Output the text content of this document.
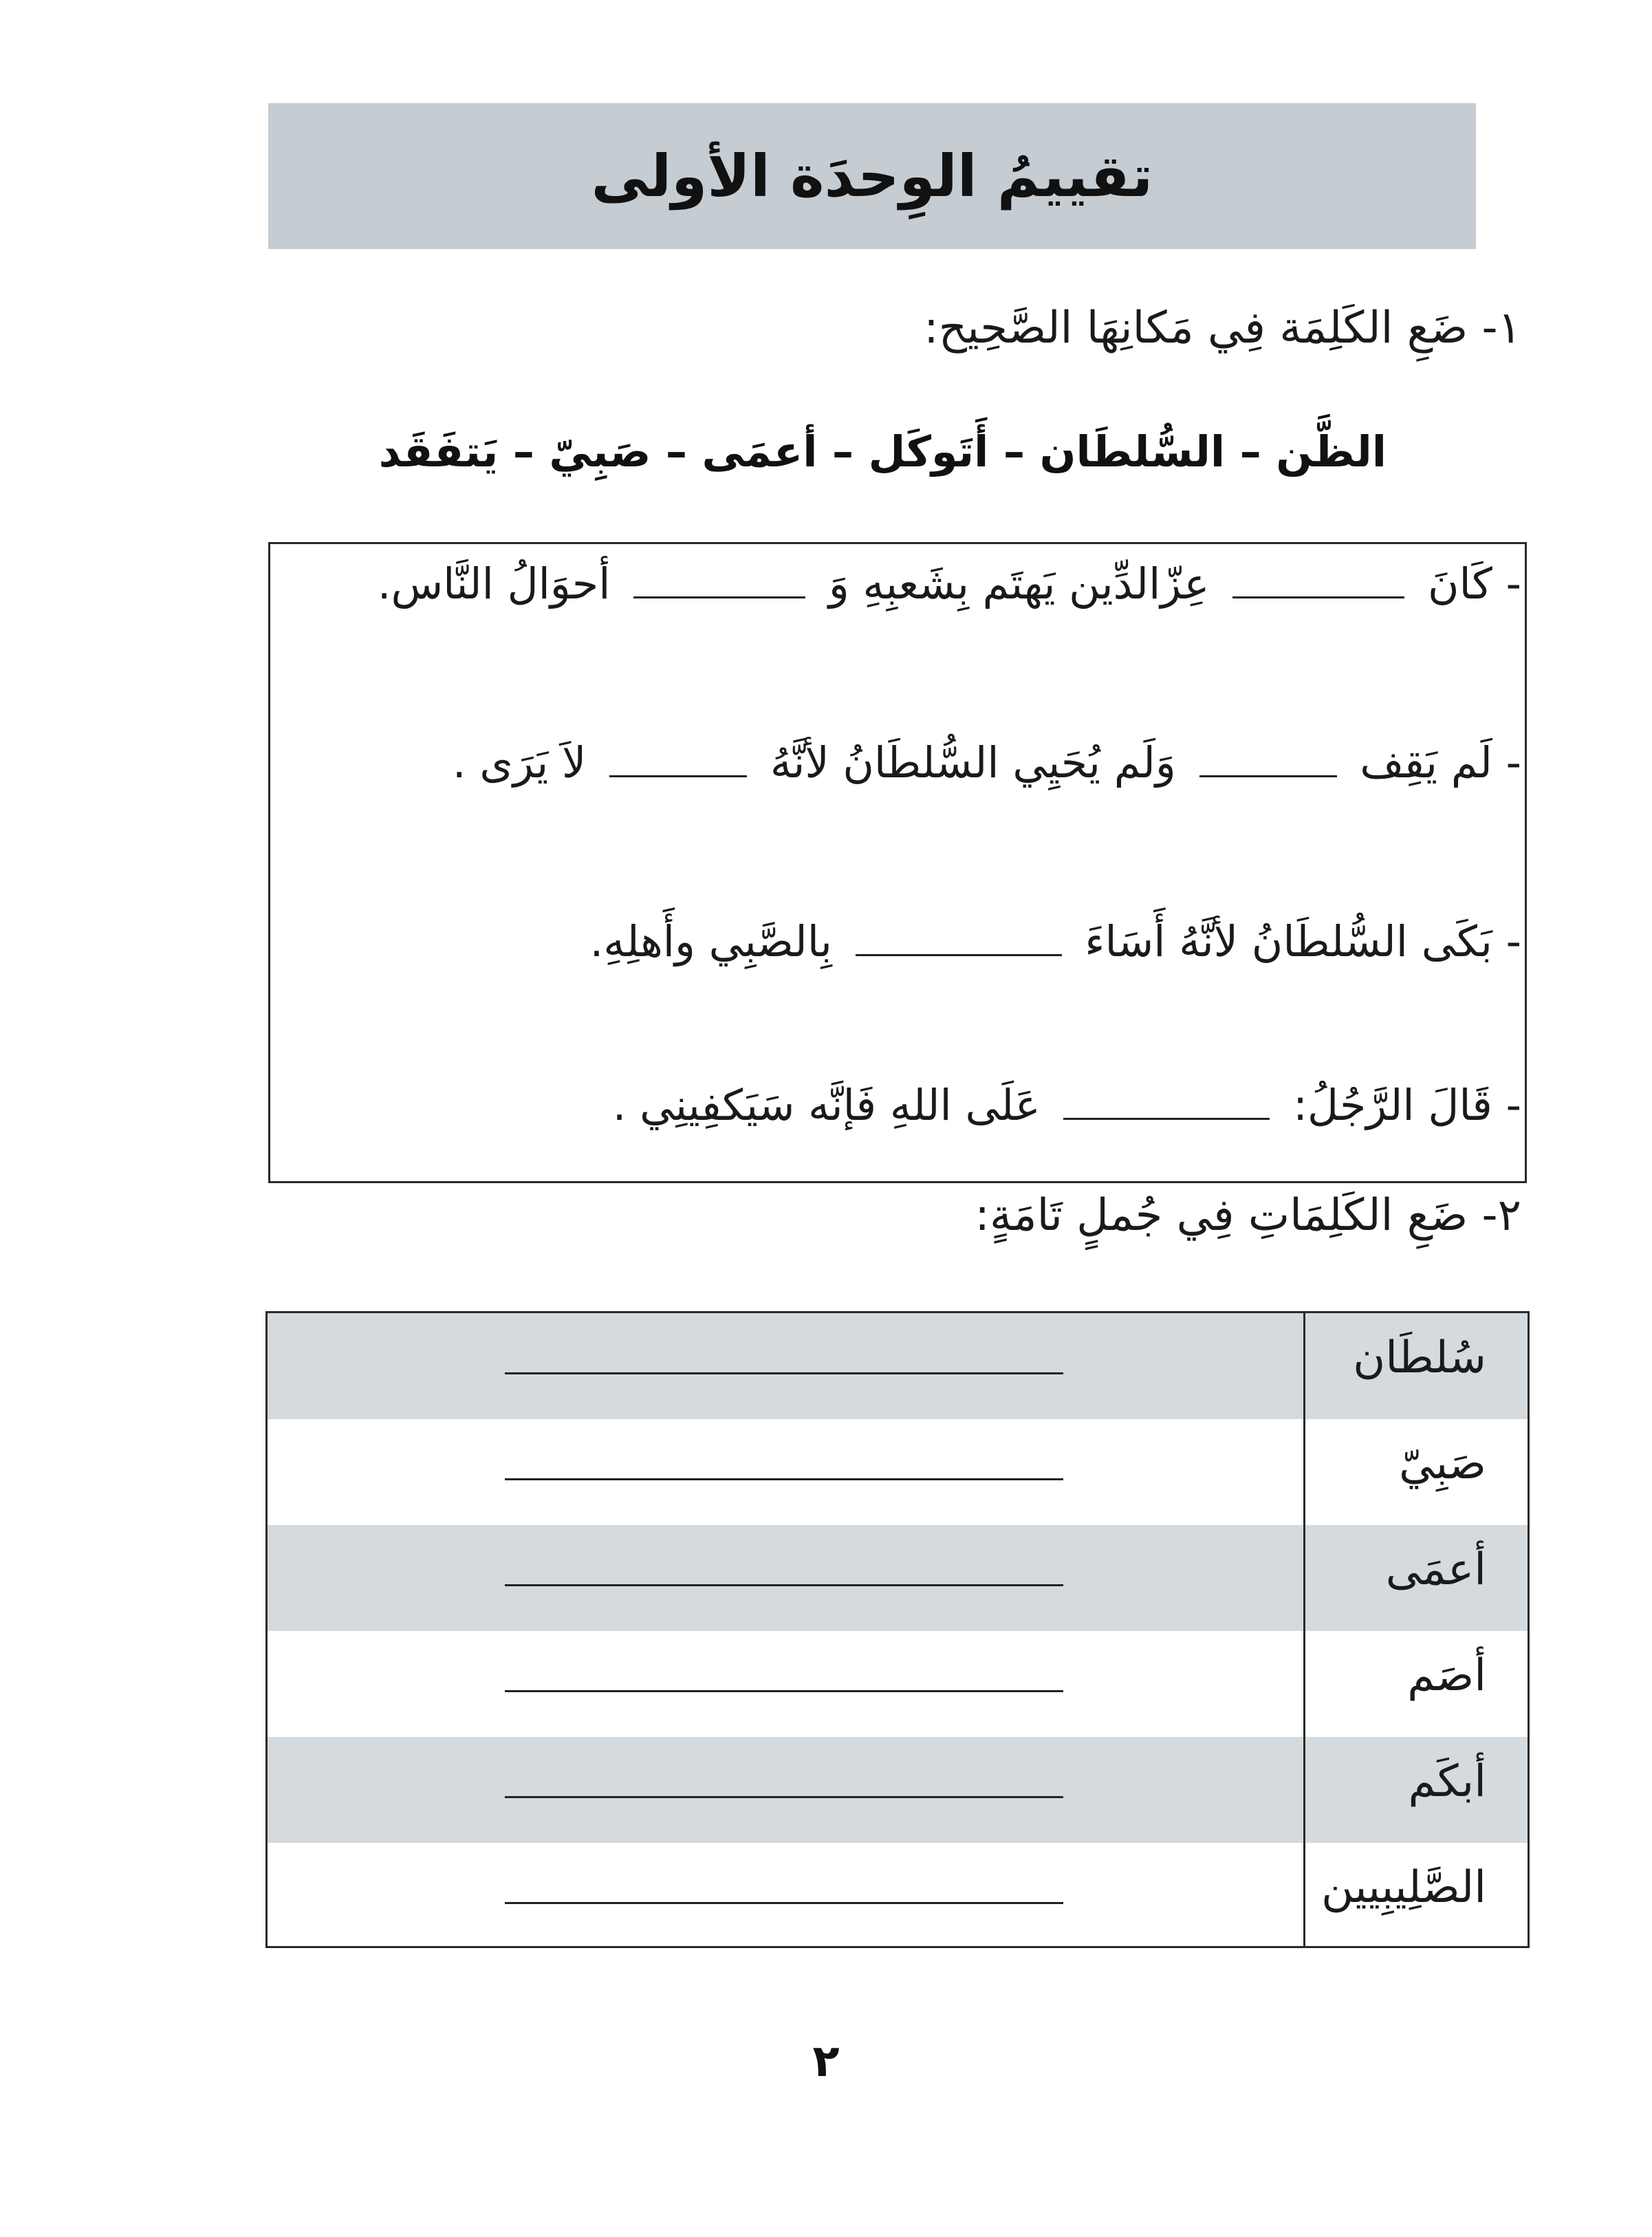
تقييمُ الوِحدَة الأولى
١- ضَعِ الكَلِمَة فِي مَكانِهَا الصَّحِيح:
الظَّن – السُّلطَان – أَتَوكَل – أعمَى – صَبِيّ – يَتفَقَد
- كَانَ  عِزّالدِّين يَهتَم بِشَعبِهِ وَ  أحوَالُ النَّاس.
- لَم يَقِف  وَلَم يُحَيِي السُّلطَانُ لأنَّهُ  لاَ يَرَى .
- بَكَى السُّلطَانُ لأنَّهُ أَسَاءَ  بِالصَّبِي وأَهلِهِ.
- قَالَ الرَّجُلُ:  عَلَى اللهِ فَإنَّه سَيَكفِينِي .
٢- ضَعِ الكَلِمَاتِ فِي جُملٍ تَامَةٍ:
سُلطَان
صَبِيّ
أعمَى
أصَم
أبكَم
الصَّلِيبِيين
٢
